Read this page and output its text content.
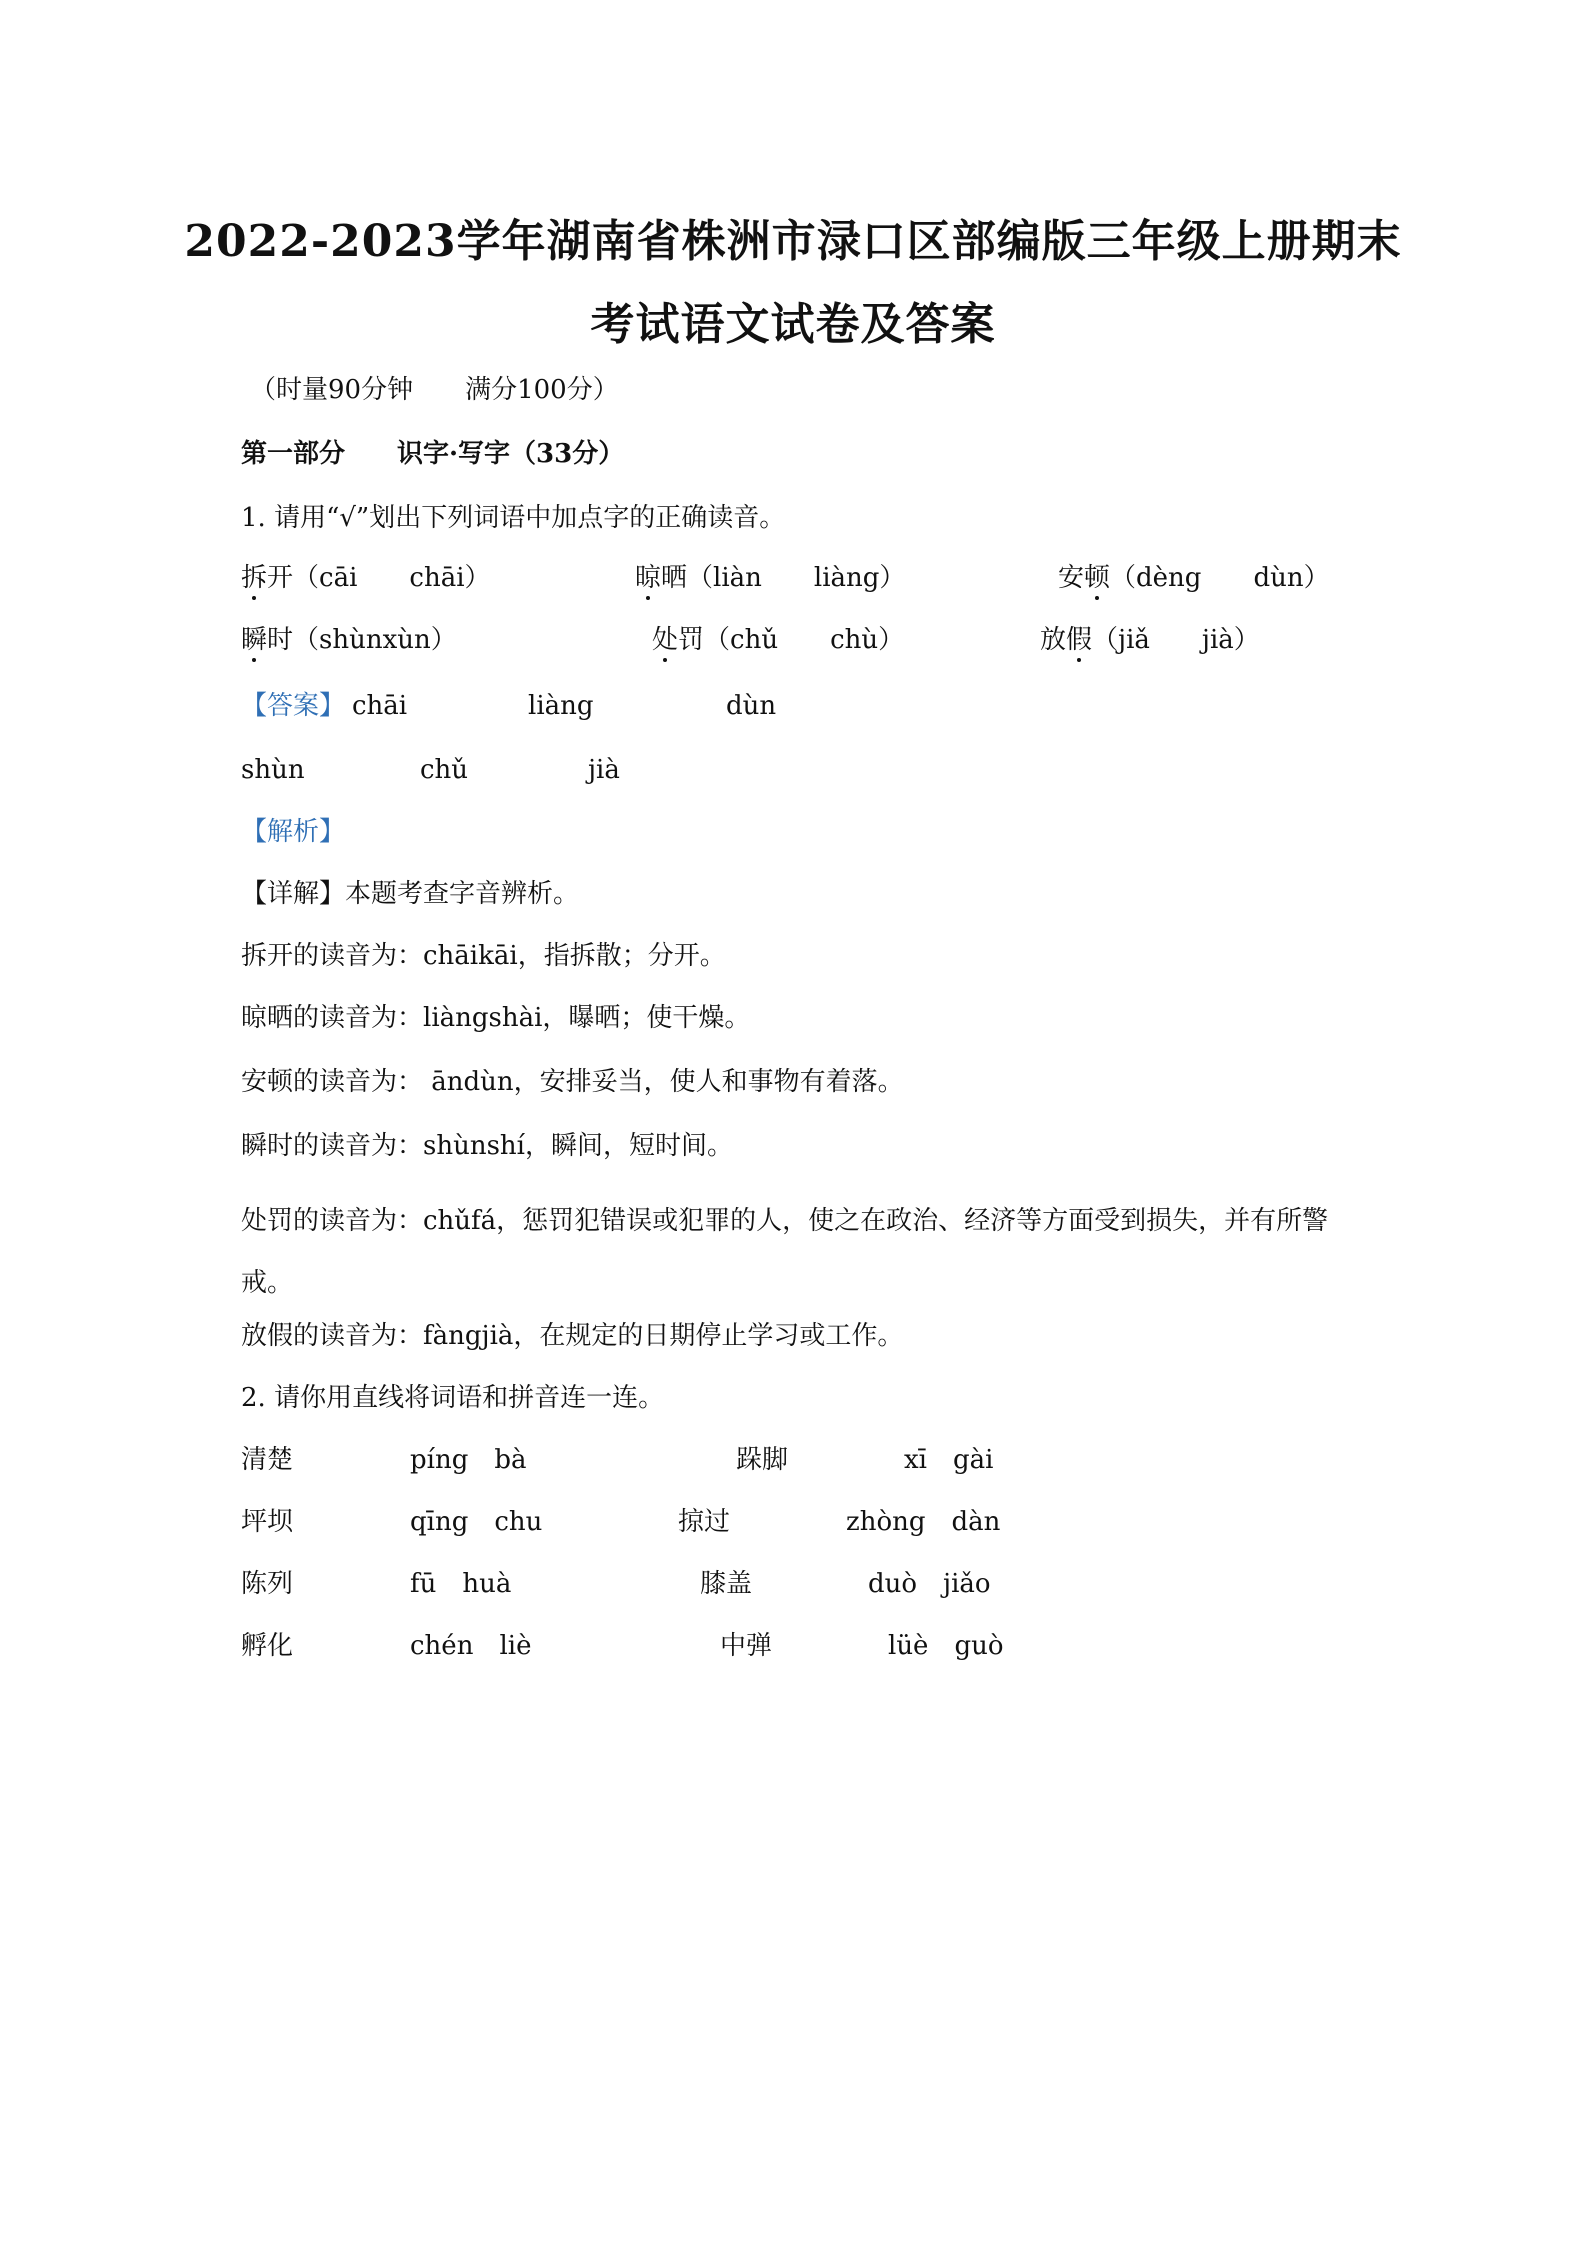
2022-2023学年湖南省株洲市渌口区部编版三年级上册期末
考试语文试卷及答案
（时量90分钟　　满分100分）
第一部分　　识字·写字（33分）
1. 请用“√”划出下列词语中加点字的正确读音。
拆开（cāi　　chāi）	晾晒（liàn　　liàng）	安顿（dèng　　dùn）
瞬时（shùnxùn）	处罚（chǔ　　chù）	放假（jiǎ　　jià）
【答案】 chāi	liàng	dùn
shùn	chǔ	jià
【解析】
【详解】本题考查字音辨析。
拆开的读音为：chāikāi，指拆散；分开。
晾晒的读音为：liàngshài，曝晒；使干燥。
安顿的读音为： āndùn，安排妥当，使人和事物有着落。
瞬时的读音为：shùnshí，瞬间，短时间。
处罚的读音为：chǔfá，惩罚犯错误或犯罪的人，使之在政治、经济等方面受到损失，并有所警戒。
放假的读音为：fàngjià，在规定的日期停止学习或工作。
2. 请你用直线将词语和拼音连一连。
清楚	píng　bà	跺脚	xī　gài
坪坝	qīng　chu	掠过	zhòng　dàn
陈列	fū　huà	膝盖	duò　jiǎo
孵化	chén　liè	中弹	lüè　guò
